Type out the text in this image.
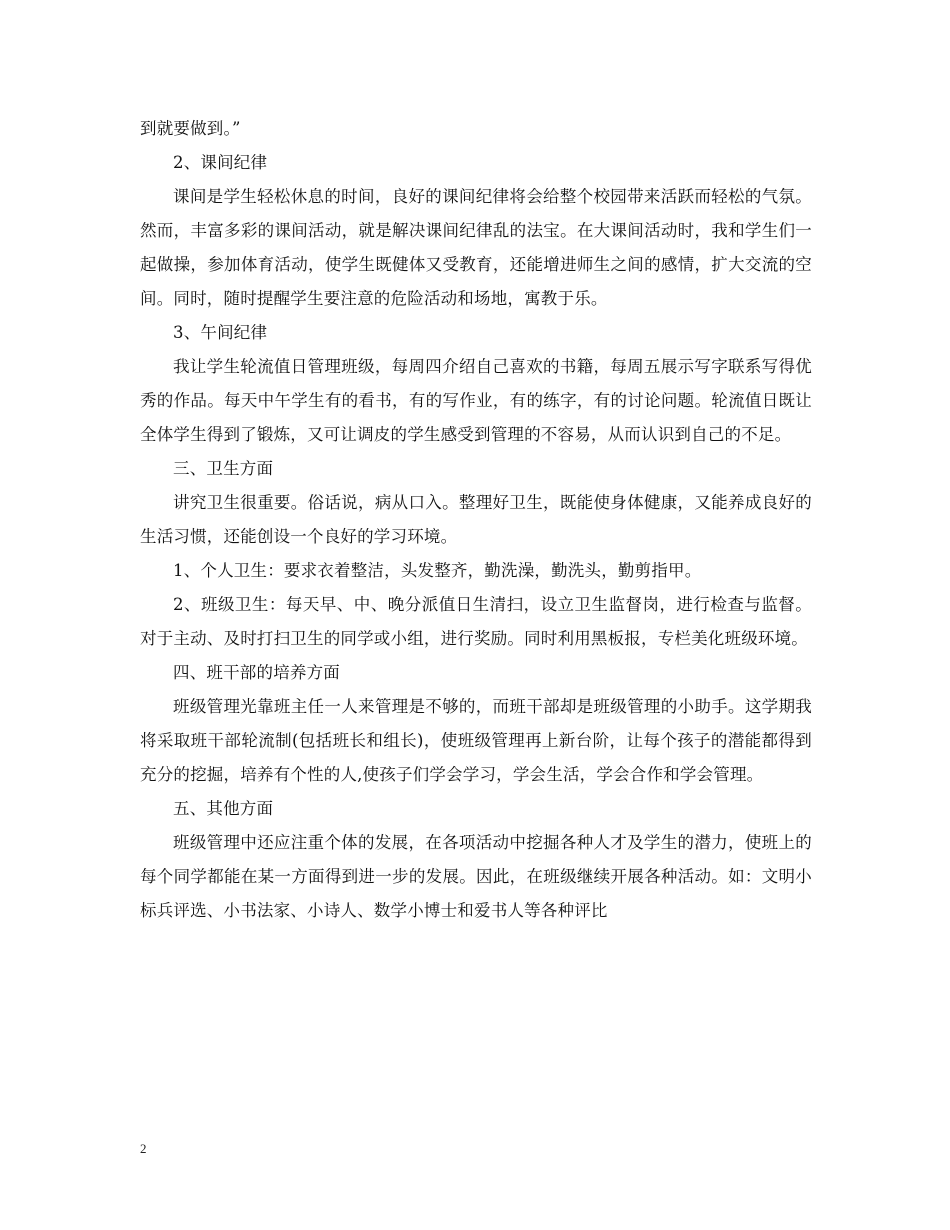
到就要做到。”

2、课间纪律

课间是学生轻松休息的时间，良好的课间纪律将会给整个校园带来活跃而轻松的气氛。然而，丰富多彩的课间活动，就是解决课间纪律乱的法宝。在大课间活动时，我和学生们一起做操，参加体育活动，使学生既健体又受教育，还能增进师生之间的感情，扩大交流的空间。同时，随时提醒学生要注意的危险活动和场地，寓教于乐。

3、午间纪律

我让学生轮流值日管理班级，每周四介绍自己喜欢的书籍，每周五展示写字联系写得优秀的作品。每天中午学生有的看书，有的写作业，有的练字，有的讨论问题。轮流值日既让全体学生得到了锻炼，又可让调皮的学生感受到管理的不容易，从而认识到自己的不足。

三、卫生方面

讲究卫生很重要。俗话说，病从口入。整理好卫生，既能使身体健康，又能养成良好的生活习惯，还能创设一个良好的学习环境。

1、个人卫生：要求衣着整洁，头发整齐，勤洗澡，勤洗头，勤剪指甲。

2、班级卫生：每天早、中、晚分派值日生清扫，设立卫生监督岗，进行检查与监督。对于主动、及时打扫卫生的同学或小组，进行奖励。同时利用黑板报，专栏美化班级环境。

四、班干部的培养方面

班级管理光靠班主任一人来管理是不够的，而班干部却是班级管理的小助手。这学期我将采取班干部轮流制(包括班长和组长)，使班级管理再上新台阶，让每个孩子的潜能都得到充分的挖掘，培养有个性的人,使孩子们学会学习，学会生活，学会合作和学会管理。

五、其他方面

班级管理中还应注重个体的发展，在各项活动中挖掘各种人才及学生的潜力，使班上的每个同学都能在某一方面得到进一步的发展。因此，在班级继续开展各种活动。如：文明小标兵评选、小书法家、小诗人、数学小博士和爱书人等各种评比

2
